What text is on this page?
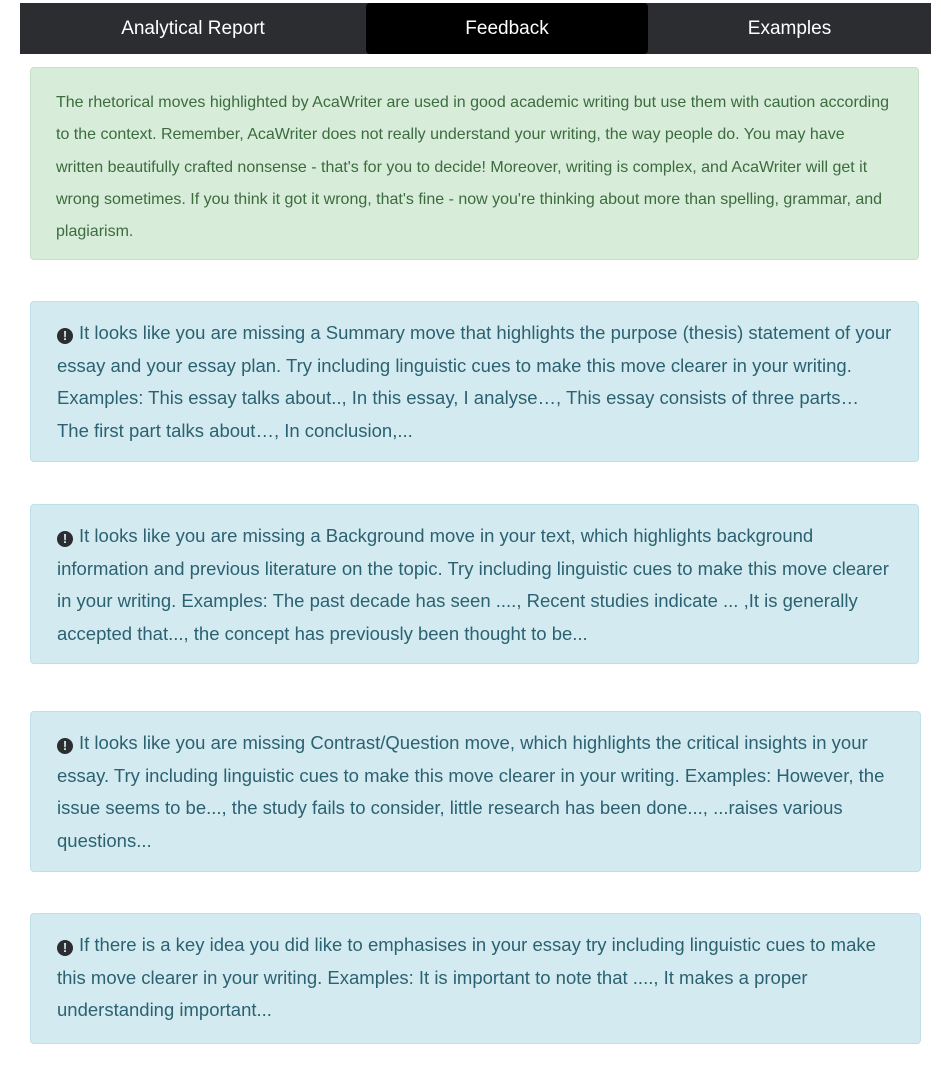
Analytical Report	Feedback	Examples

The rhetorical moves highlighted by AcaWriter are used in good academic writing but use them with caution according to the context. Remember, AcaWriter does not really understand your writing, the way people do. You may have written beautifully crafted nonsense - that's for you to decide! Moreover, writing is complex, and AcaWriter will get it wrong sometimes. If you think it got it wrong, that's fine - now you're thinking about more than spelling, grammar, and plagiarism.

! It looks like you are missing a Summary move that highlights the purpose (thesis) statement of your essay and your essay plan. Try including linguistic cues to make this move clearer in your writing. Examples: This essay talks about.., In this essay, I analyse…, This essay consists of three parts… The first part talks about…, In conclusion,...

! It looks like you are missing a Background move in your text, which highlights background information and previous literature on the topic. Try including linguistic cues to make this move clearer in your writing. Examples: The past decade has seen ...., Recent studies indicate ... ,It is generally accepted that..., the concept has previously been thought to be...

! It looks like you are missing Contrast/Question move, which highlights the critical insights in your essay. Try including linguistic cues to make this move clearer in your writing. Examples: However, the issue seems to be..., the study fails to consider, little research has been done..., ...raises various questions...

! If there is a key idea you did like to emphasises in your essay try including linguistic cues to make this move clearer in your writing. Examples: It is important to note that ...., It makes a proper understanding important...
